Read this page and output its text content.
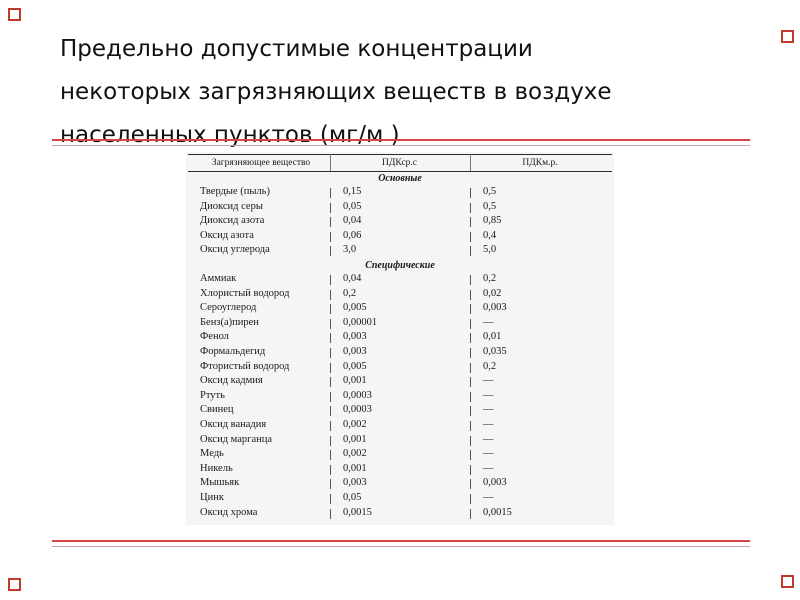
Предельно допустимые концентрации
некоторых загрязняющих веществ в воздухе
населенных пунктов (мг/м )
Загрязняющее вещество	ПДКср.с	ПДКм.р.
Основные
Твердые (пыль)	0,15	0,5
Диоксид серы	0,05	0,5
Диоксид азота	0,04	0,85
Оксид азота	0,06	0,4
Оксид углерода	3,0	5,0
Специфические
Аммиак	0,04	0,2
Хлористый водород	0,2	0,02
Сероуглерод	0,005	0,003
Бенз(а)пирен	0,00001	—
Фенол	0,003	0,01
Формальдегид	0,003	0,035
Фтористый водород	0,005	0,2
Оксид кадмия	0,001	—
Ртуть	0,0003	—
Свинец	0,0003	—
Оксид ванадия	0,002	—
Оксид марганца	0,001	—
Медь	0,002	—
Никель	0,001	—
Мышьяк	0,003	0,003
Цинк	0,05	—
Оксид хрома	0,0015	0,0015
